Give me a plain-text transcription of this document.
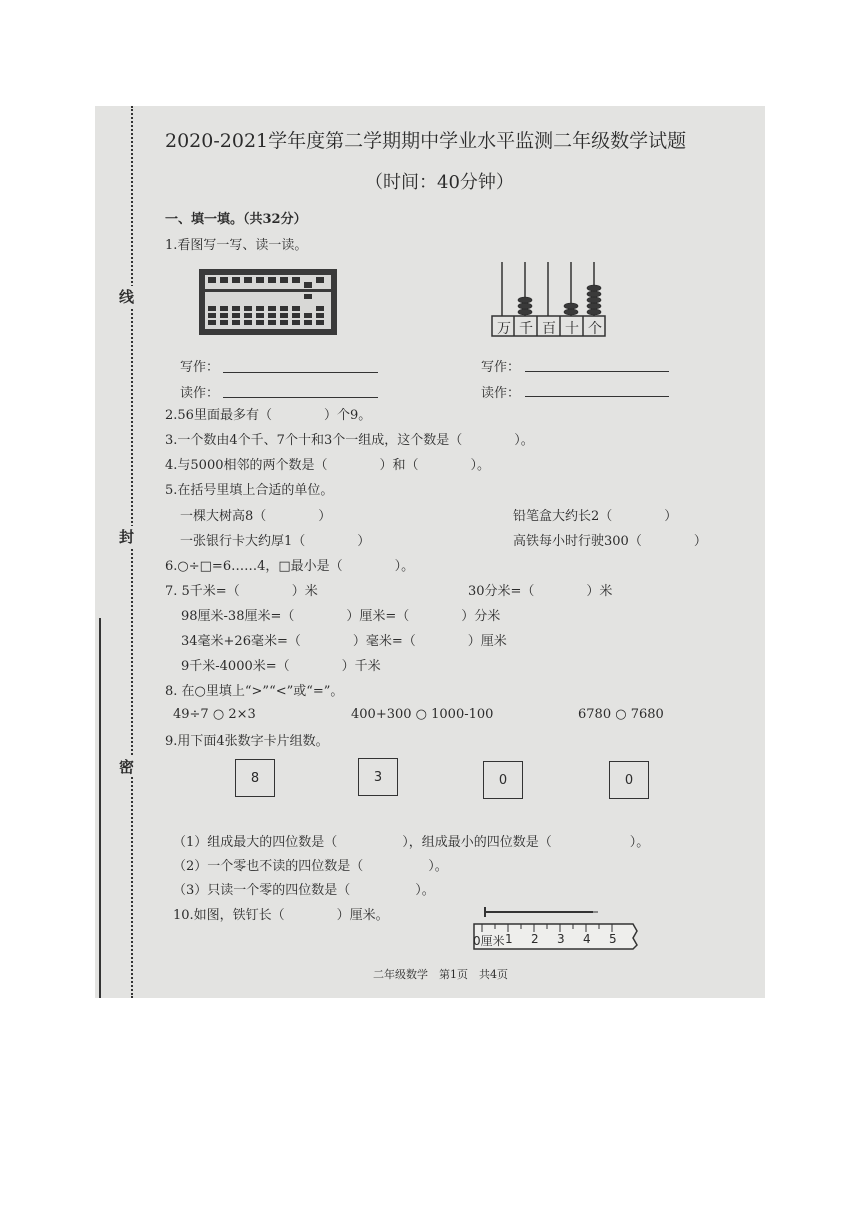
线
封
密
2020-2021学年度第二学期期中学业水平监测二年级数学试题
（时间：40分钟）
一、填一填。（共32分）
1.看图写一写、读一读。
万 千 百 十 个
写作：
读作：
写作：
读作：
2.56里面最多有（　　　　）个9。
3.一个数由4个千、7个十和3个一组成，这个数是（　　　　）。
4.与5000相邻的两个数是（　　　　）和（　　　　）。
5.在括号里填上合适的单位。
一棵大树高8（　　　　）	铅笔盒大约长2（　　　　）
一张银行卡大约厚1（　　　　）	高铁每小时行驶300（　　　　）
6.○÷□=6……4，□最小是（　　　　）。
7. 5千米=（　　　　）米	30分米=（　　　　）米
98厘米-38厘米=（　　　　）厘米=（　　　　）分米
34毫米+26毫米=（　　　　）毫米=（　　　　）厘米
9千米-4000米=（　　　　）千米
8. 在○里填上“>”“<”或“=”。
49÷7 ○ 2×3	400+300 ○ 1000-100	6780 ○ 7680
9.用下面4张数字卡片组数。
8	3	0	0
（1）组成最大的四位数是（　　　　　），组成最小的四位数是（　　　　　　）。
（2）一个零也不读的四位数是（　　　　　）。
（3）只读一个零的四位数是（　　　　　）。
10.如图，铁钉长（　　　　）厘米。
0厘米 1 2 3 4 5
二年级数学　第1页　共4页
